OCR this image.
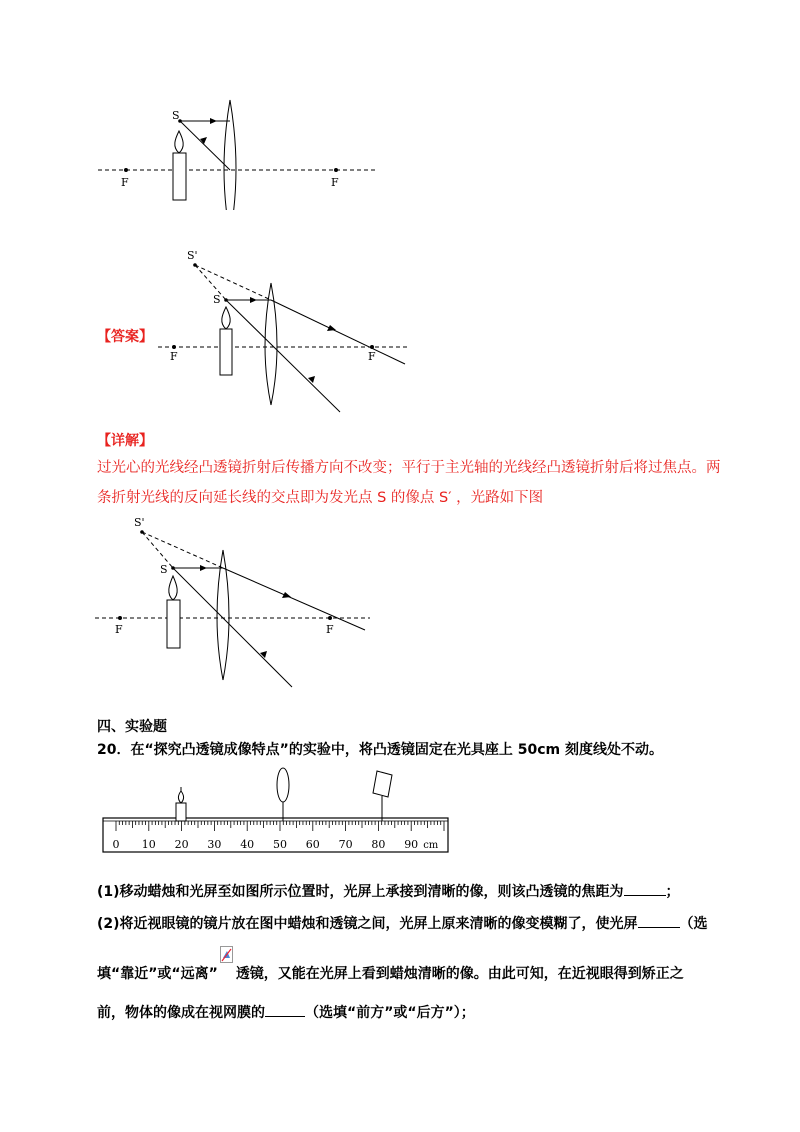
S
F	F
【答案】
S'
S
F	F
【详解】
过光心的光线经凸透镜折射后传播方向不改变；平行于主光轴的光线经凸透镜折射后将过焦点。两
条折射光线的反向延长线的交点即为发光点 S 的像点 S′ ，光路如下图
S'
S
F	F
四、实验题
20．在“探究凸透镜成像特点”的实验中，将凸透镜固定在光具座上 50cm 刻度线处不动。
0 10 20 30 40 50 60 70 80 90 cm
(1)移动蜡烛和光屏至如图所示位置时，光屏上承接到清晰的像，则该凸透镜的焦距为	；
(2)将近视眼镜的镜片放在图中蜡烛和透镜之间，光屏上原来清晰的像变模糊了，使光屏	（选
填“靠近”或“远离” 透镜，又能在光屏上看到蜡烛清晰的像。由此可知，在近视眼得到矫正之
前，物体的像成在视网膜的	（选填“前方”或“后方”）；
